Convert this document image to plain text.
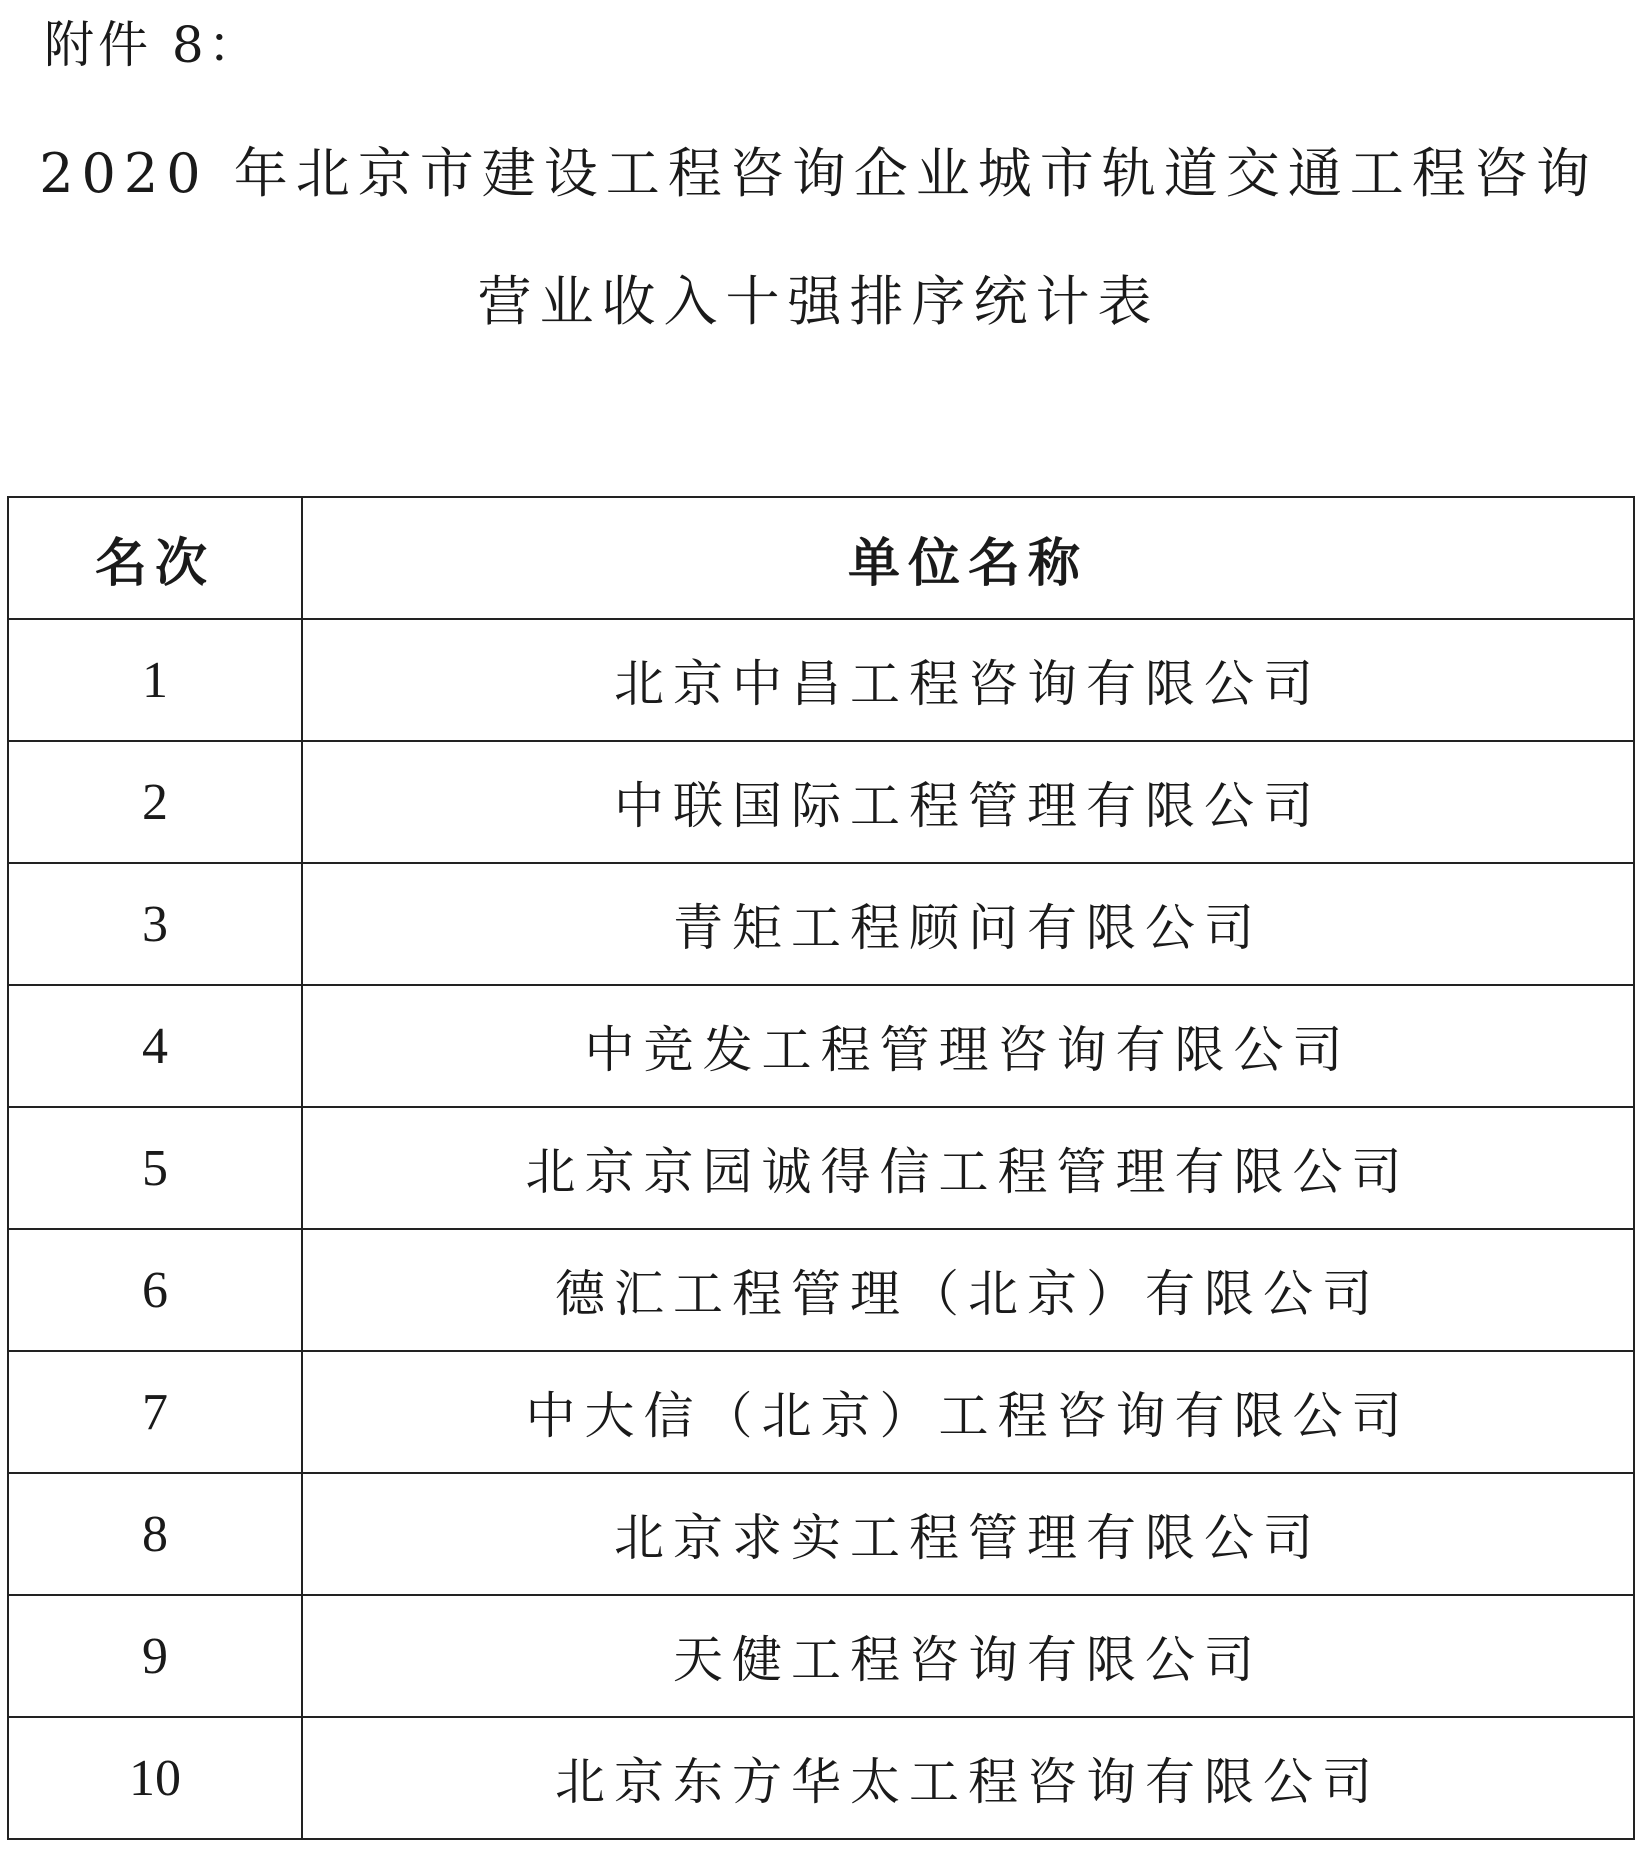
附件 8：
2020 年北京市建设工程咨询企业城市轨道交通工程咨询
营业收入十强排序统计表
名次	单位名称
1	北京中昌工程咨询有限公司
2	中联国际工程管理有限公司
3	青矩工程顾问有限公司
4	中竞发工程管理咨询有限公司
5	北京京园诚得信工程管理有限公司
6	德汇工程管理（北京）有限公司
7	中大信（北京）工程咨询有限公司
8	北京求实工程管理有限公司
9	天健工程咨询有限公司
10	北京东方华太工程咨询有限公司
